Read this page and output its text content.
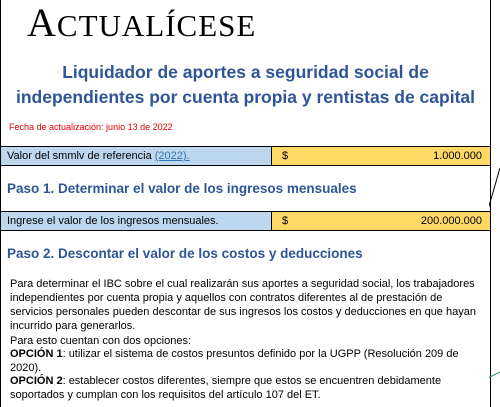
ACTUALÍCESE
Liquidador de aportes a seguridad social de
independientes por cuenta propia y rentistas de capital
Fecha de actualización: junio 13 de 2022
Valor del smmlv de referencia (2022).	$	1.000.000
Paso 1. Determinar el valor de los ingresos mensuales
Ingrese el valor de los ingresos mensuales.	$	200.000.000
Paso 2. Descontar el valor de los costos y deducciones
Para determinar el IBC sobre el cual realizarán sus aportes a seguridad social, los trabajadores independientes por cuenta propia y aquellos con contratos diferentes al de prestación de servicios personales pueden descontar de sus ingresos los costos y deducciones en que hayan incurrido para generarlos.
Para esto cuentan con dos opciones:
OPCIÓN 1: utilizar el sistema de costos presuntos definido por la UGPP (Resolución 209 de 2020).
OPCIÓN 2: establecer costos diferentes, siempre que estos se encuentren debidamente soportados y cumplan con los requisitos del artículo 107 del ET.
